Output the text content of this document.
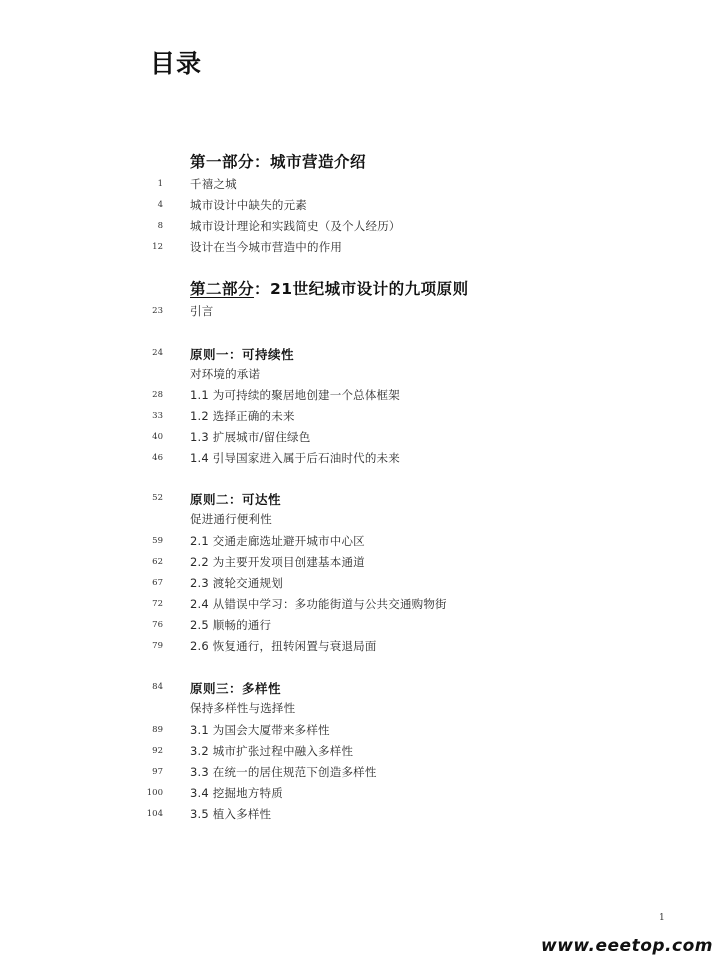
目录
第一部分：城市营造介绍
1 千禧之城
4 城市设计中缺失的元素
8 城市设计理论和实践简史（及个人经历）
12 设计在当今城市营造中的作用
第二部分：21世纪城市设计的九项原则
23 引言
24 原则一：可持续性
对环境的承诺
28 1.1 为可持续的聚居地创建一个总体框架
33 1.2 选择正确的未来
40 1.3 扩展城市/留住绿色
46 1.4 引导国家进入属于后石油时代的未来
52 原则二：可达性
促进通行便利性
59 2.1 交通走廊选址避开城市中心区
62 2.2 为主要开发项目创建基本通道
67 2.3 渡轮交通规划
72 2.4 从错误中学习：多功能街道与公共交通购物街
76 2.5 顺畅的通行
79 2.6 恢复通行，扭转闲置与衰退局面
84 原则三：多样性
保持多样性与选择性
89 3.1 为国会大厦带来多样性
92 3.2 城市扩张过程中融入多样性
97 3.3 在统一的居住规范下创造多样性
100 3.4 挖掘地方特质
104 3.5 植入多样性
1
www.eeetop.com
